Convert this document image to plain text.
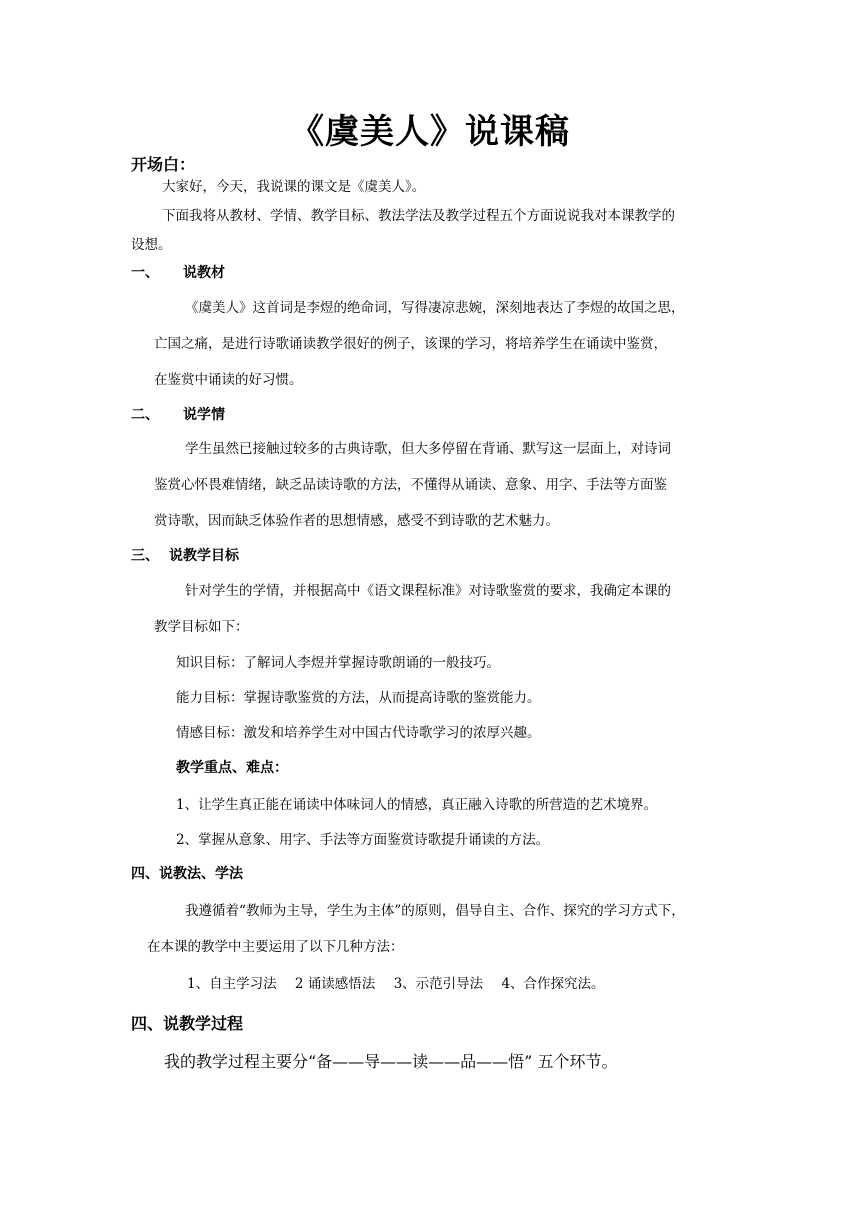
《虞美人》说课稿
开场白：
大家好，今天，我说课的课文是《虞美人》。
下面我将从教材、学情、教学目标、教法学法及教学过程五个方面说说我对本课教学的
设想。
一、 说教材
《虞美人》这首词是李煜的绝命词，写得凄凉悲婉，深刻地表达了李煜的故国之思，
亡国之痛，是进行诗歌诵读教学很好的例子，该课的学习，将培养学生在诵读中鉴赏，
在鉴赏中诵读的好习惯。
二、 说学情
学生虽然已接触过较多的古典诗歌，但大多停留在背诵、默写这一层面上，对诗词
鉴赏心怀畏难情绪，缺乏品读诗歌的方法，不懂得从诵读、意象、用字、手法等方面鉴
赏诗歌，因而缺乏体验作者的思想情感，感受不到诗歌的艺术魅力。
三、 说教学目标
针对学生的学情，并根据高中《语文课程标准》对诗歌鉴赏的要求，我确定本课的
教学目标如下：
知识目标：了解词人李煜并掌握诗歌朗诵的一般技巧。
能力目标：掌握诗歌鉴赏的方法，从而提高诗歌的鉴赏能力。
情感目标：激发和培养学生对中国古代诗歌学习的浓厚兴趣。
教学重点、难点：
1、让学生真正能在诵读中体味词人的情感，真正融入诗歌的所营造的艺术境界。
2、掌握从意象、用字、手法等方面鉴赏诗歌提升诵读的方法。
四、说教法、学法
我遵循着“教师为主导，学生为主体”的原则，倡导自主、合作、探究的学习方式下，
在本课的教学中主要运用了以下几种方法：
1、自主学习法 2 诵读感悟法 3、示范引导法 4、合作探究法。
四、说教学过程
我的教学过程主要分“备——导——读——品——悟” 五个环节。
